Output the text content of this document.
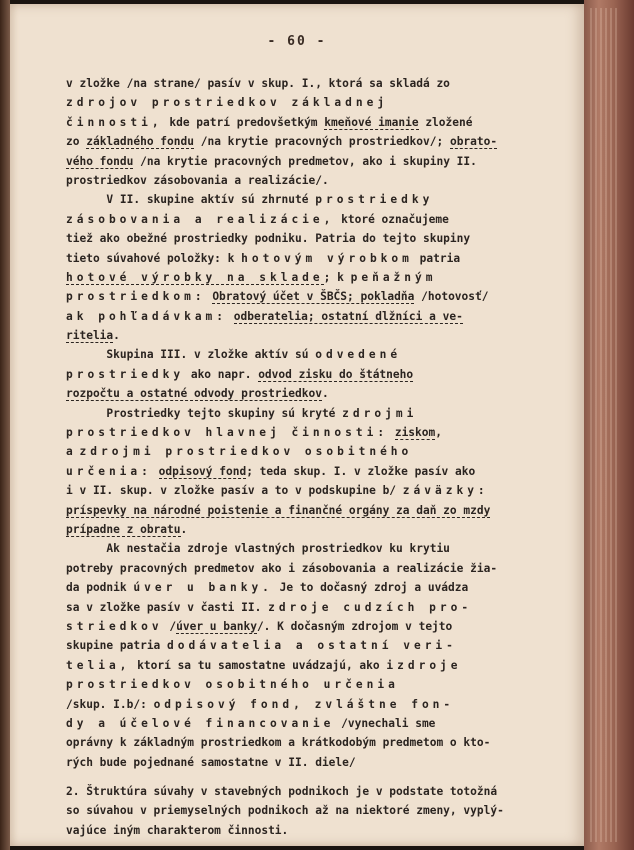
- 60 -
v zložke /na strane/ pasív v skup. I., ktorá sa skladá zo
zdrojov prostriedkov základnej
činnosti, kde patrí predovšetkým kmeňové imanie zložené
zo základného fondu /na krytie pracovných prostriedkov/; obrato-
vého fondu /na krytie pracovných predmetov, ako i skupiny II.
prostriedkov zásobovania a realizácie/.
V II. skupine aktív sú zhrnuté prostriedky
zásobovania a realizácie, ktoré označujeme
tiež ako obežné prostriedky podniku. Patria do tejto skupiny
tieto súvahové položky: k hotovým výrobkom patria
hotové výrobky na sklade; k peňažným
prostriedkom: Obratový účet v ŠBČS; pokladňa /hotovosť/
ak pohľadávkam: odberatelia; ostatní dlžníci a ve-
ritelia.
Skupina III. v zložke aktív sú odvedené
prostriedky ako napr. odvod zisku do štátneho
rozpočtu a ostatné odvody prostriedkov.
Prostriedky tejto skupiny sú kryté zdrojmi
prostriedkov hlavnej činnosti: ziskom,
a zdrojmi prostriedkov osobitného
určenia: odpisový fond; teda skup. I. v zložke pasív ako
i v II. skup. v zložke pasív a to v podskupine b/ záväzky:
príspevky na národné poistenie a finančné orgány za daň zo mzdy
prípadne z obratu.
Ak nestačia zdroje vlastných prostriedkov ku krytiu
potreby pracovných predmetov ako i zásobovania a realizácie žia-
da podnik úver u banky. Je to dočasný zdroj a uvádza
sa v zložke pasív v časti II. zdroje cudzích pro-
striedkov /úver u banky/. K dočasným zdrojom v tejto
skupine patria dodávatelia a ostatní veri-
telia, ktorí sa tu samostatne uvádzajú, ako izdroje
prostriedkov osobitného určenia
/skup. I.b/: odpisový fond, zvláštne fon-
dy a účelové financovanie /vynechali sme
oprávny k základným prostriedkom a krátkodobým predmetom o kto-
rých bude pojednané samostatne v II. diele/
2. Štruktúra súvahy v stavebných podnikoch je v podstate totožná
so súvahou v priemyselných podnikoch až na niektoré zmeny, vyplý-
vajúce iným charakterom činnosti.
